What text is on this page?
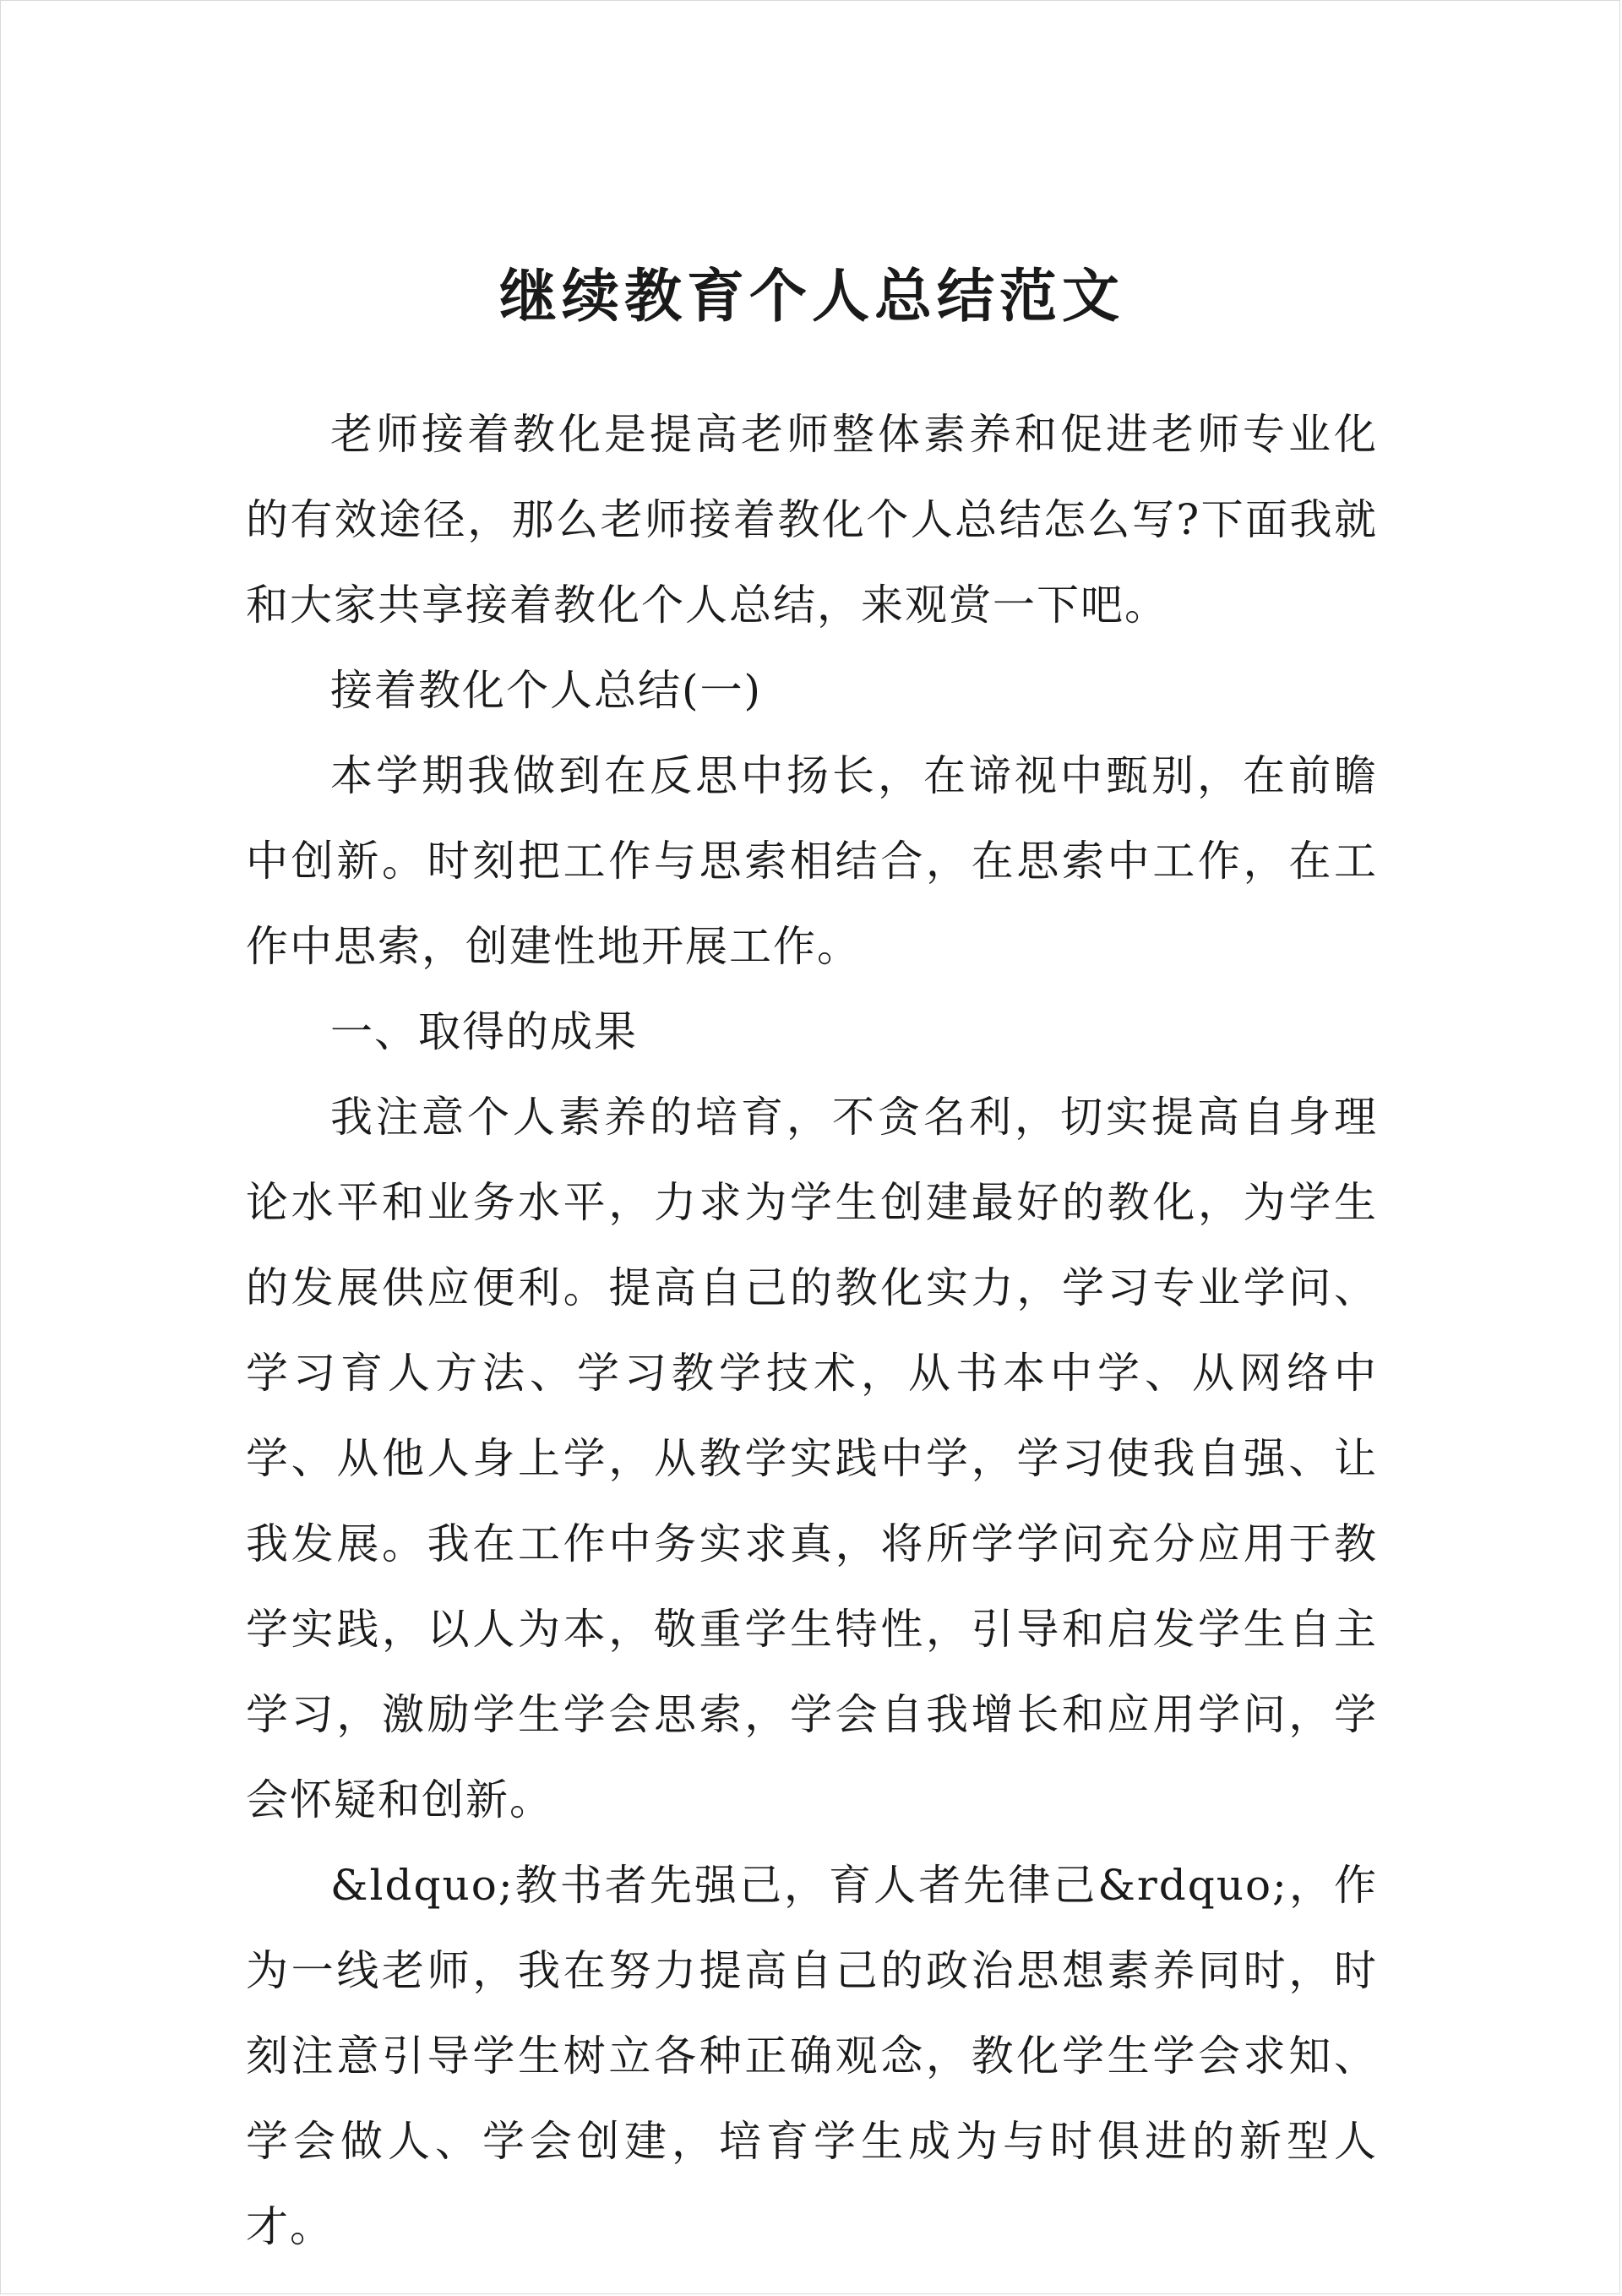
继续教育个人总结范文

老师接着教化是提高老师整体素养和促进老师专业化的有效途径，那么老师接着教化个人总结怎么写?下面我就和大家共享接着教化个人总结，来观赏一下吧。

接着教化个人总结(一)

本学期我做到在反思中扬长，在谛视中甄别，在前瞻中创新。时刻把工作与思索相结合，在思索中工作，在工作中思索，创建性地开展工作。

一、取得的成果

我注意个人素养的培育，不贪名利，切实提高自身理论水平和业务水平，力求为学生创建最好的教化，为学生的发展供应便利。提高自己的教化实力，学习专业学问、学习育人方法、学习教学技术，从书本中学、从网络中学、从他人身上学，从教学实践中学，学习使我自强、让我发展。我在工作中务实求真，将所学学问充分应用于教学实践，以人为本，敬重学生特性，引导和启发学生自主学习，激励学生学会思索，学会自我增长和应用学问，学会怀疑和创新。

&ldquo;教书者先强己，育人者先律己&rdquo;，作为一线老师，我在努力提高自己的政治思想素养同时，时刻注意引导学生树立各种正确观念，教化学生学会求知、学会做人、学会创建，培育学生成为与时俱进的新型人才。
